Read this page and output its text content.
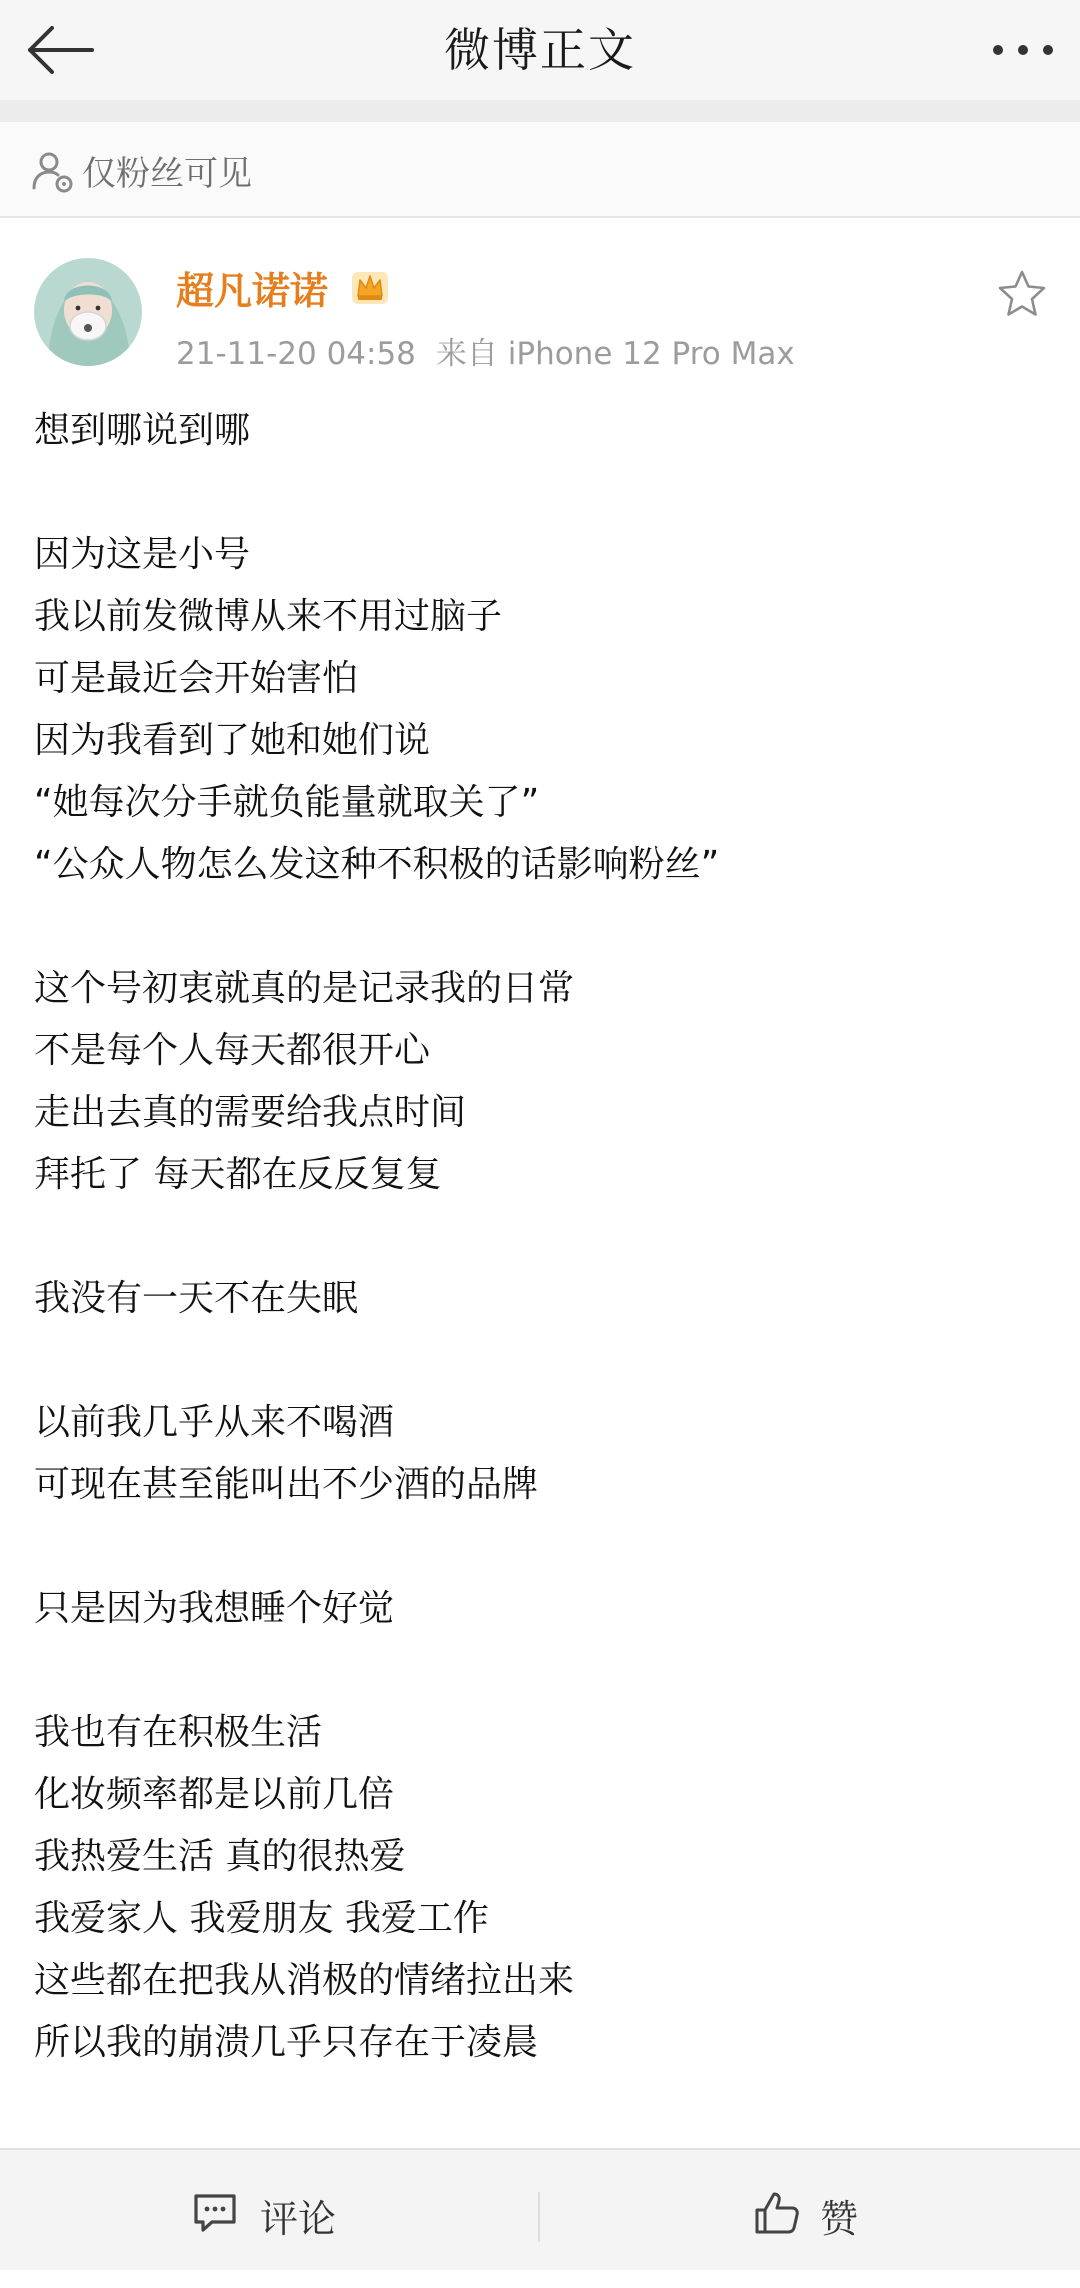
微博正文
仅粉丝可见
超凡诺诺
21-11-20 04:58 来自 iPhone 12 Pro Max
想到哪说到哪
因为这是小号
我以前发微博从来不用过脑子
可是最近会开始害怕
因为我看到了她和她们说
“她每次分手就负能量就取关了”
“公众人物怎么发这种不积极的话影响粉丝”
这个号初衷就真的是记录我的日常
不是每个人每天都很开心
走出去真的需要给我点时间
拜托了 每天都在反反复复
我没有一天不在失眠
以前我几乎从来不喝酒
可现在甚至能叫出不少酒的品牌
只是因为我想睡个好觉
我也有在积极生活
化妆频率都是以前几倍
我热爱生活 真的很热爱
我爱家人 我爱朋友 我爱工作
这些都在把我从消极的情绪拉出来
所以我的崩溃几乎只存在于凌晨
评论	赞
